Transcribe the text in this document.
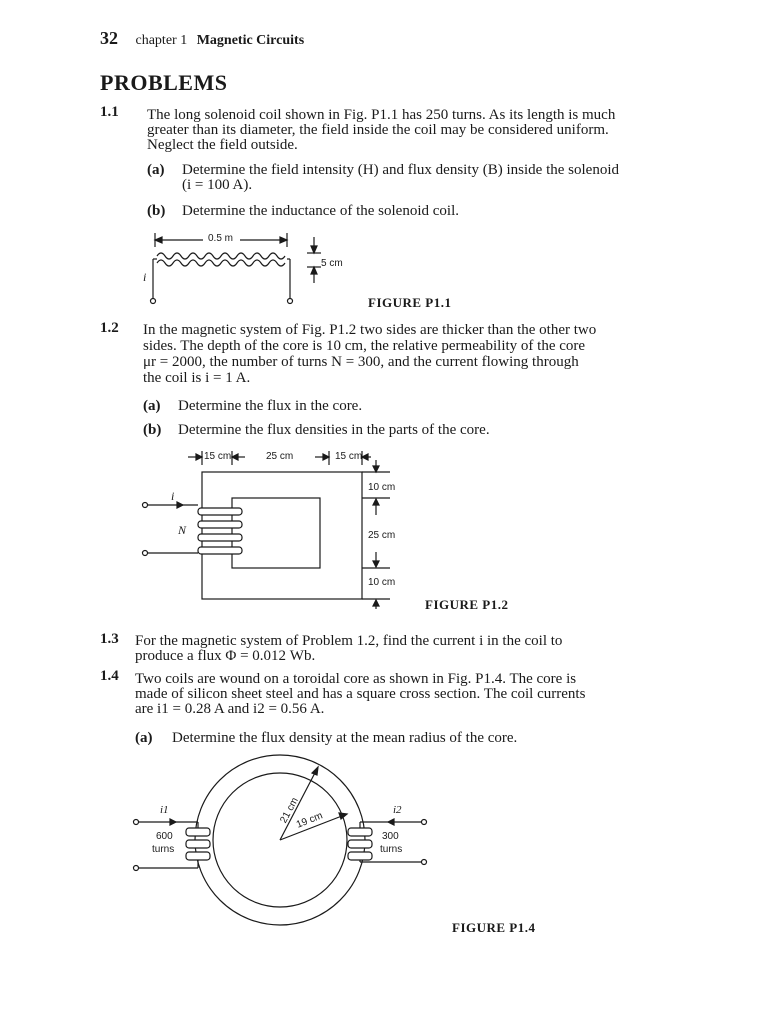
32 chapter 1 Magnetic Circuits
PROBLEMS
1.1 The long solenoid coil shown in Fig. P1.1 has 250 turns. As its length is much
greater than its diameter, the field inside the coil may be considered uniform.
Neglect the field outside.
(a) Determine the field intensity (H) and flux density (B) inside the solenoid
(i = 100 A).
(b) Determine the inductance of the solenoid coil.
0.5 m
5 cm
i
FIGURE P1.1
1.2 In the magnetic system of Fig. P1.2 two sides are thicker than the other two
sides. The depth of the core is 10 cm, the relative permeability of the core
μr = 2000, the number of turns N = 300, and the current flowing through
the coil is i = 1 A.
(a) Determine the flux in the core.
(b) Determine the flux densities in the parts of the core.
15 cm	25 cm	15 cm
10 cm
25 cm
10 cm
i
N
FIGURE P1.2
1.3 For the magnetic system of Problem 1.2, find the current i in the coil to
produce a flux Φ = 0.012 Wb.
1.4 Two coils are wound on a toroidal core as shown in Fig. P1.4. The core is
made of silicon sheet steel and has a square cross section. The coil currents
are i1 = 0.28 A and i2 = 0.56 A.
(a) Determine the flux density at the mean radius of the core.
21 cm
19 cm
i1
600
turns
i2
300
turns
FIGURE P1.4
